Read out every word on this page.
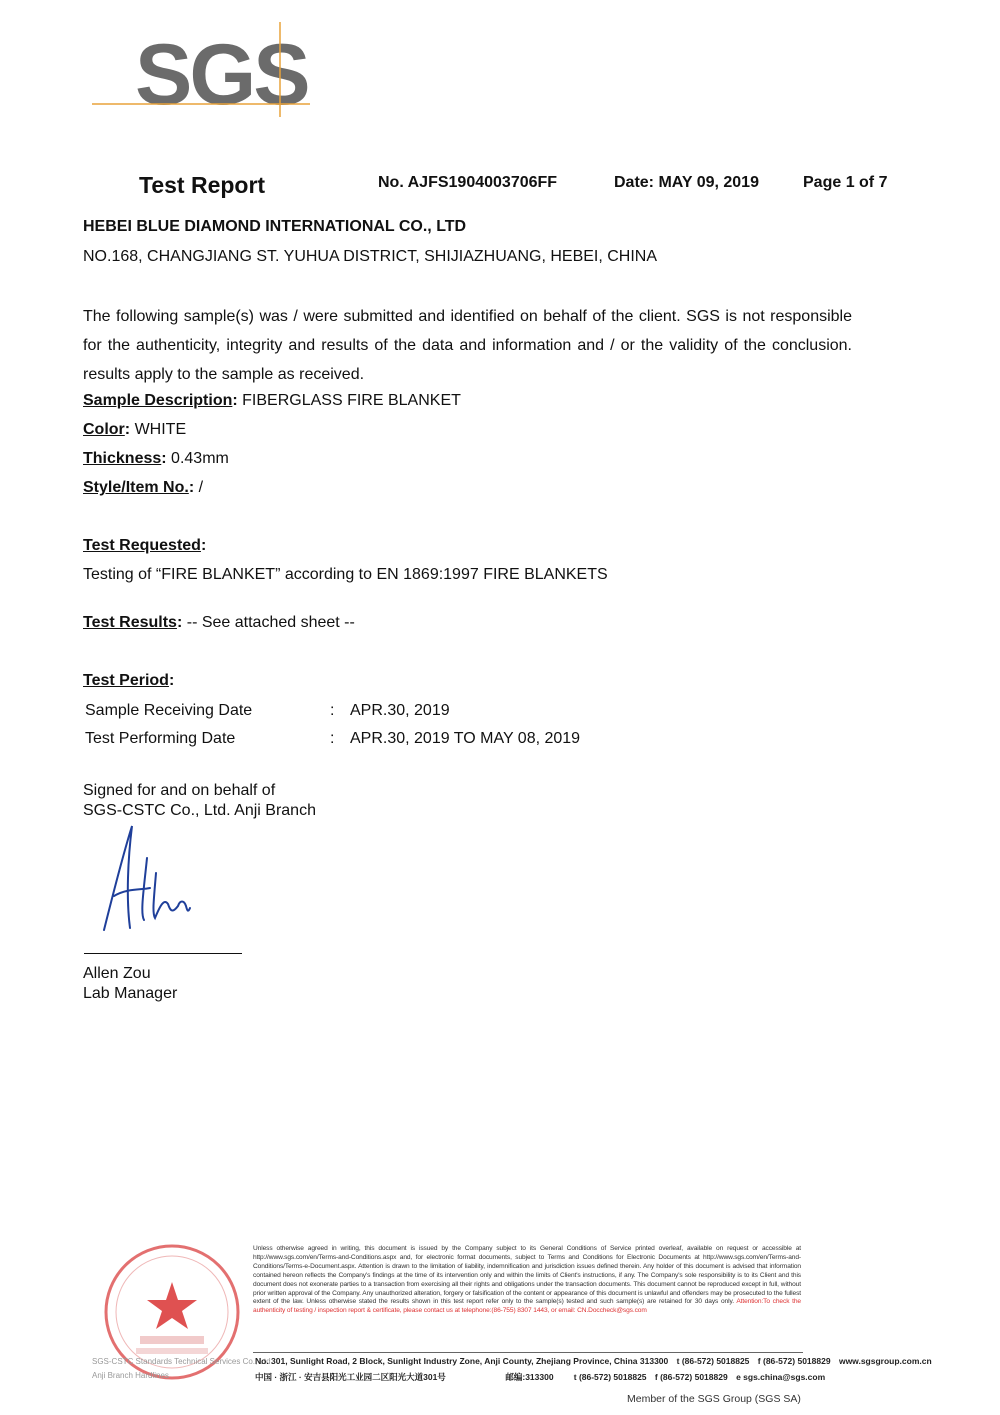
SGS
Test Report	No. AJFS1904003706FF	Date: MAY 09, 2019	Page 1 of 7
HEBEI BLUE DIAMOND INTERNATIONAL CO., LTD
NO.168, CHANGJIANG ST. YUHUA DISTRICT, SHIJIAZHUANG, HEBEI, CHINA
The following sample(s) was / were submitted and identified on behalf of the client. SGS is not responsible for the authenticity, integrity and results of the data and information and / or the validity of the conclusion. results apply to the sample as received.
Sample Description: FIBERGLASS FIRE BLANKET
Color: WHITE
Thickness: 0.43mm
Style/Item No.: /
Test Requested:
Testing of “FIRE BLANKET” according to EN 1869:1997 FIRE BLANKETS
Test Results: -- See attached sheet --
Test Period:
Sample Receiving Date	: APR.30, 2019
Test Performing Date	: APR.30, 2019 TO MAY 08, 2019
Signed for and on behalf of
SGS-CSTC Co., Ltd. Anji Branch
Allen Zou
Lab Manager
SGS-CSTC Standards Technical Services Co., Ltd.
Anji Branch Hardlines
Unless otherwise agreed in writing, this document is issued by the Company subject to its General Conditions of Service printed overleaf, available on request or accessible at http://www.sgs.com/en/Terms-and-Conditions.aspx and, for electronic format documents, subject to Terms and Conditions for Electronic Documents at http://www.sgs.com/en/Terms-and-Conditions/Terms-e-Document.aspx. Attention is drawn to the limitation of liability, indemnification and jurisdiction issues defined therein. Any holder of this document is advised that information contained hereon reflects the Company's findings at the time of its intervention only and within the limits of Client's instructions, if any. The Company's sole responsibility is to its Client and this document does not exonerate parties to a transaction from exercising all their rights and obligations under the transaction documents. This document cannot be reproduced except in full, without prior written approval of the Company. Any unauthorized alteration, forgery or falsification of the content or appearance of this document is unlawful and offenders may be prosecuted to the fullest extent of the law. Unless otherwise stated the results shown in this test report refer only to the sample(s) tested and such sample(s) are retained for 30 days only. Attention:To check the authenticity of testing / inspection report & certificate, please contact us at telephone:(86-755) 8307 1443, or email: CN.Doccheck@sgs.com
No. 301, Sunlight Road, 2 Block, Sunlight Industry Zone, Anji County, Zhejiang Province, China 313300 t (86-572) 5018825 f (86-572) 5018829 www.sgsgroup.com.cn
中国 · 浙江 · 安吉县阳光工业园二区阳光大道301号	邮编:313300 t (86-572) 5018825 f (86-572) 5018829 e sgs.china@sgs.com
Member of the SGS Group (SGS SA)
